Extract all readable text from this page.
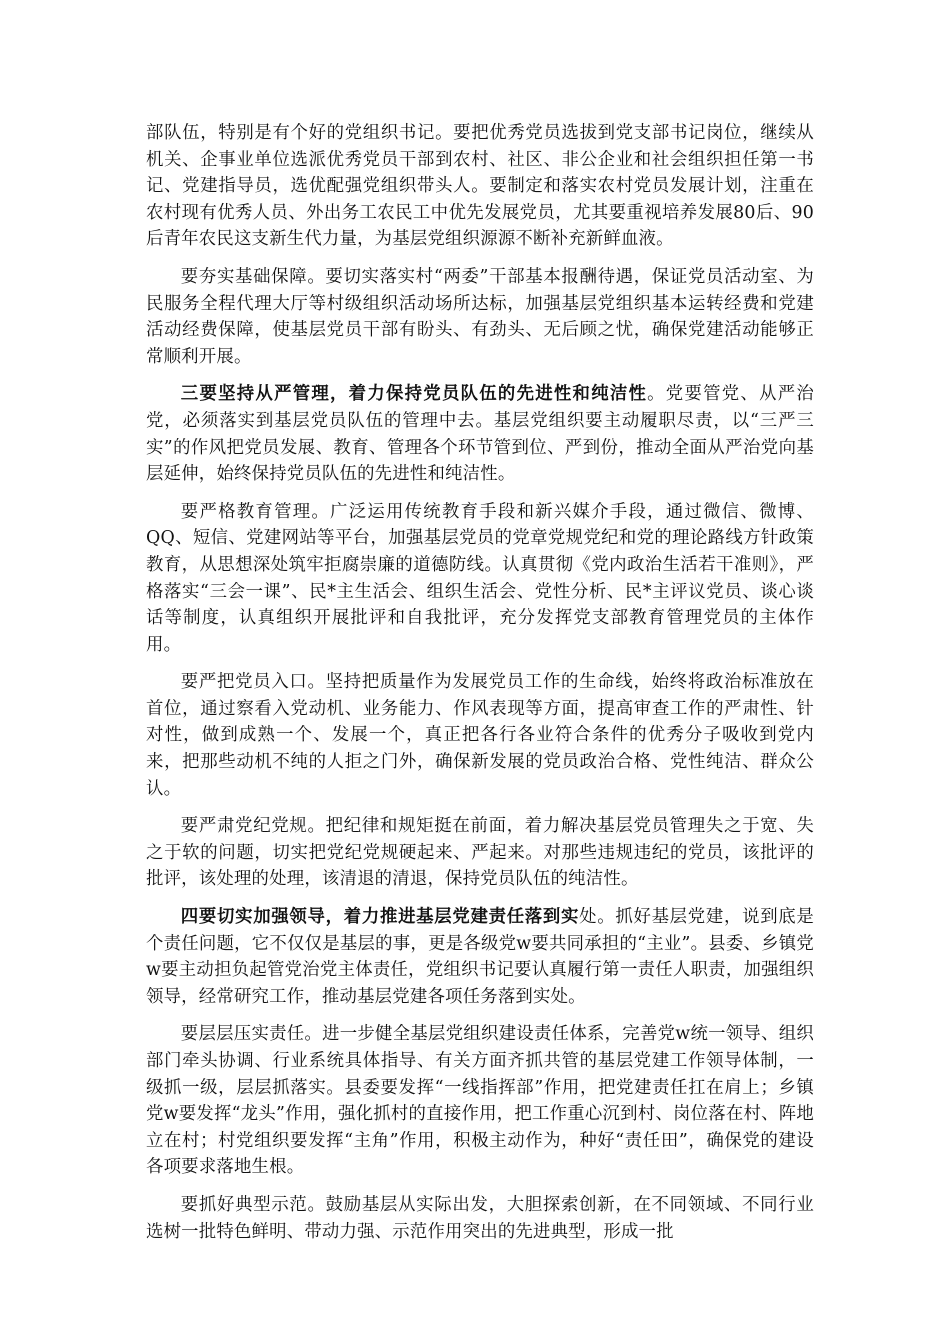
部队伍，特别是有个好的党组织书记。要把优秀党员选拔到党支部书记岗位，继续从机关、企事业单位选派优秀党员干部到农村、社区、非公企业和社会组织担任第一书记、党建指导员，选优配强党组织带头人。要制定和落实农村党员发展计划，注重在农村现有优秀人员、外出务工农民工中优先发展党员，尤其要重视培养发展80后、90后青年农民这支新生代力量，为基层党组织源源不断补充新鲜血液。

要夯实基础保障。要切实落实村“两委”干部基本报酬待遇，保证党员活动室、为民服务全程代理大厅等村级组织活动场所达标，加强基层党组织基本运转经费和党建活动经费保障，使基层党员干部有盼头、有劲头、无后顾之忧，确保党建活动能够正常顺利开展。

三要坚持从严管理，着力保持党员队伍的先进性和纯洁性。党要管党、从严治党，必须落实到基层党员队伍的管理中去。基层党组织要主动履职尽责，以“三严三实”的作风把党员发展、教育、管理各个环节管到位、严到份，推动全面从严治党向基层延伸，始终保持党员队伍的先进性和纯洁性。

要严格教育管理。广泛运用传统教育手段和新兴媒介手段，通过微信、微博、QQ、短信、党建网站等平台，加强基层党员的党章党规党纪和党的理论路线方针政策教育，从思想深处筑牢拒腐崇廉的道德防线。认真贯彻《党内政治生活若干准则》，严格落实“三会一课”、民*主生活会、组织生活会、党性分析、民*主评议党员、谈心谈话等制度，认真组织开展批评和自我批评，充分发挥党支部教育管理党员的主体作用。

要严把党员入口。坚持把质量作为发展党员工作的生命线，始终将政治标准放在首位，通过察看入党动机、业务能力、作风表现等方面，提高审查工作的严肃性、针对性，做到成熟一个、发展一个，真正把各行各业符合条件的优秀分子吸收到党内来，把那些动机不纯的人拒之门外，确保新发展的党员政治合格、党性纯洁、群众公认。

要严肃党纪党规。把纪律和规矩挺在前面，着力解决基层党员管理失之于宽、失之于软的问题，切实把党纪党规硬起来、严起来。对那些违规违纪的党员，该批评的批评，该处理的处理，该清退的清退，保持党员队伍的纯洁性。

四要切实加强领导，着力推进基层党建责任落到实处。抓好基层党建，说到底是个责任问题，它不仅仅是基层的事，更是各级党w要共同承担的“主业”。县委、乡镇党w要主动担负起管党治党主体责任，党组织书记要认真履行第一责任人职责，加强组织领导，经常研究工作，推动基层党建各项任务落到实处。

要层层压实责任。进一步健全基层党组织建设责任体系，完善党w统一领导、组织部门牵头协调、行业系统具体指导、有关方面齐抓共管的基层党建工作领导体制，一级抓一级，层层抓落实。县委要发挥“一线指挥部”作用，把党建责任扛在肩上；乡镇党w要发挥“龙头”作用，强化抓村的直接作用，把工作重心沉到村、岗位落在村、阵地立在村；村党组织要发挥“主角”作用，积极主动作为，种好“责任田”，确保党的建设各项要求落地生根。

要抓好典型示范。鼓励基层从实际出发，大胆探索创新，在不同领域、不同行业选树一批特色鲜明、带动力强、示范作用突出的先进典型，形成一批
